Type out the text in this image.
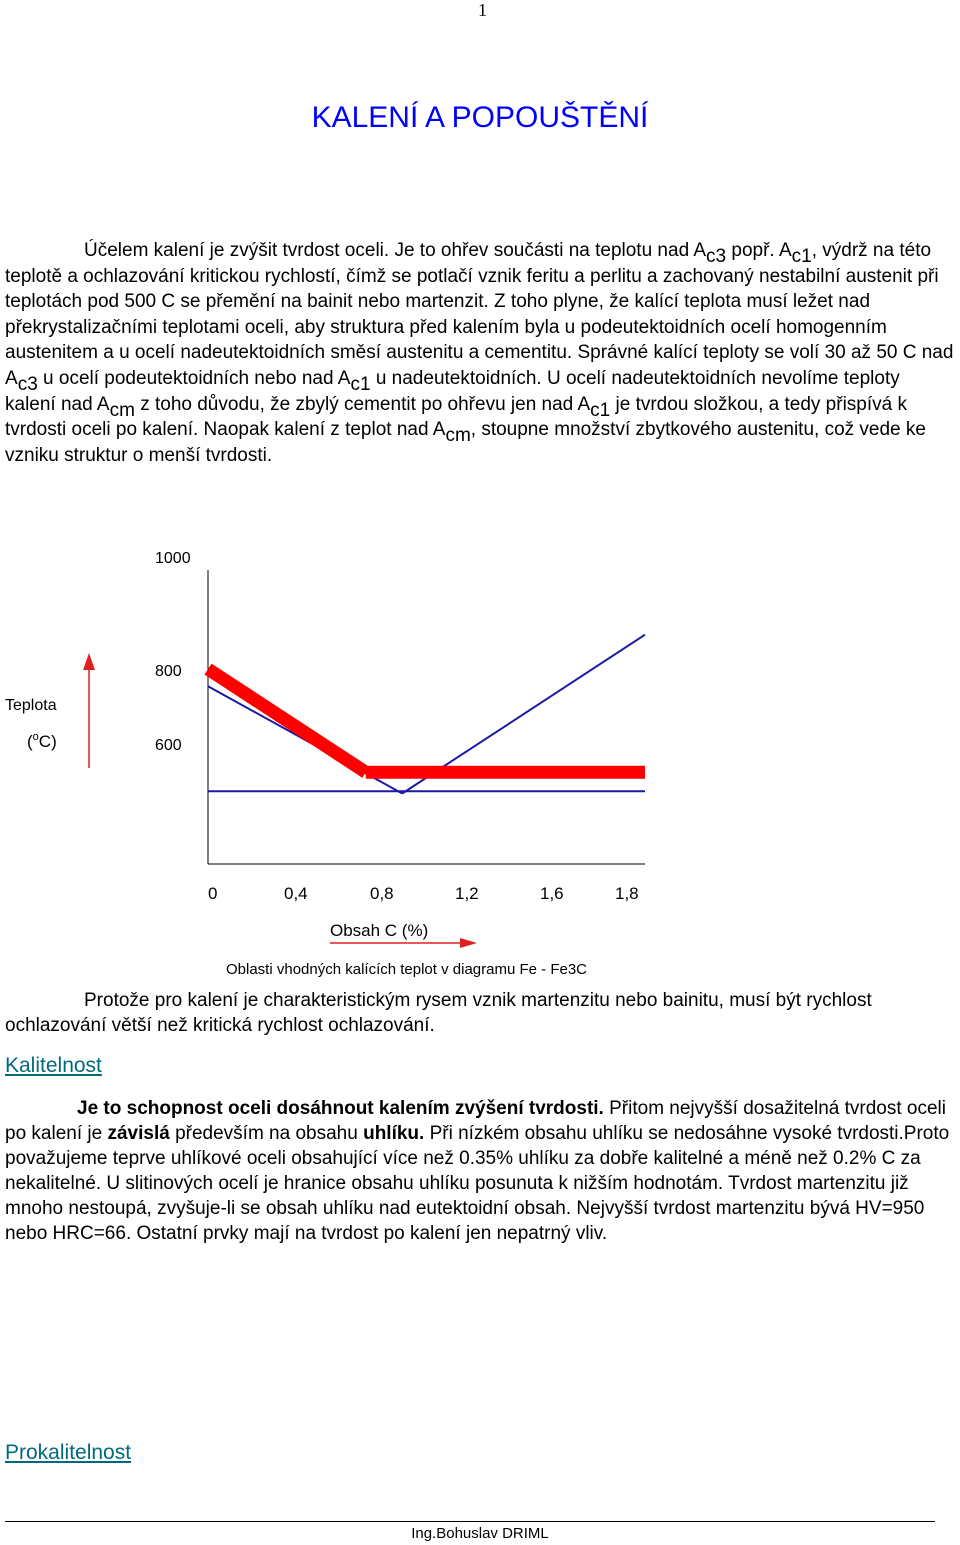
1
KALENÍ A POPOUŠTĚNÍ
Účelem kalení je zvýšit tvrdost oceli. Je to ohřev součásti na teplotu nad Ac3 popř. Ac1, výdrž na této teplotě a ochlazování kritickou rychlostí, čímž se potlačí vznik feritu a perlitu a zachovaný nestabilní austenit při teplotách pod 500 C se přemění na bainit nebo martenzit. Z toho plyne, že kalící teplota musí ležet nad překrystalizačními teplotami oceli, aby struktura před kalením byla u podeutektoidních ocelí homogenním austenitem a u ocelí nadeutektoidních směsí austenitu a cementitu. Správné kalící teploty se volí 30 až 50 C nad Ac3 u ocelí podeutektoidních nebo nad Ac1 u nadeutektoidních. U ocelí nadeutektoidních nevolíme teploty kalení nad Acm z toho důvodu, že zbylý cementit po ohřevu jen nad Ac1 je tvrdou složkou, a tedy přispívá k tvrdosti oceli po kalení. Naopak kalení z teplot nad Acm, stoupne množství zbytkového austenitu, což vede ke vzniku struktur o menší tvrdosti.
1000
800
600
0	0,4	0,8	1,2	1,6	1,8
Teplota
($^o$C)
Obsah C (%)
Oblasti vhodných kalících teplot v diagramu Fe - Fe3C
Protože pro kalení je charakteristickým rysem vznik martenzitu nebo bainitu, musí být rychlost ochlazování větší než kritická rychlost ochlazování.
Kalitelnost
Je to schopnost oceli dosáhnout kalením zvýšení tvrdosti. Přitom nejvyšší dosažitelná tvrdost oceli po kalení je závislá především na obsahu uhlíku. Při nízkém obsahu uhlíku se nedosáhne vysoké tvrdosti.Proto považujeme teprve uhlíkové oceli obsahující více než 0.35% uhlíku za dobře kalitelné a méně než 0.2% C za nekalitelné. U slitinových ocelí je hranice obsahu uhlíku posunuta k nižším hodnotám. Tvrdost martenzitu již mnoho nestoupá, zvyšuje-li se obsah uhlíku nad eutektoidní obsah. Nejvyšší tvrdost martenzitu bývá HV=950 nebo HRC=66. Ostatní prvky mají na tvrdost po kalení jen nepatrný vliv.
Prokalitelnost
Ing.Bohuslav DRIML
